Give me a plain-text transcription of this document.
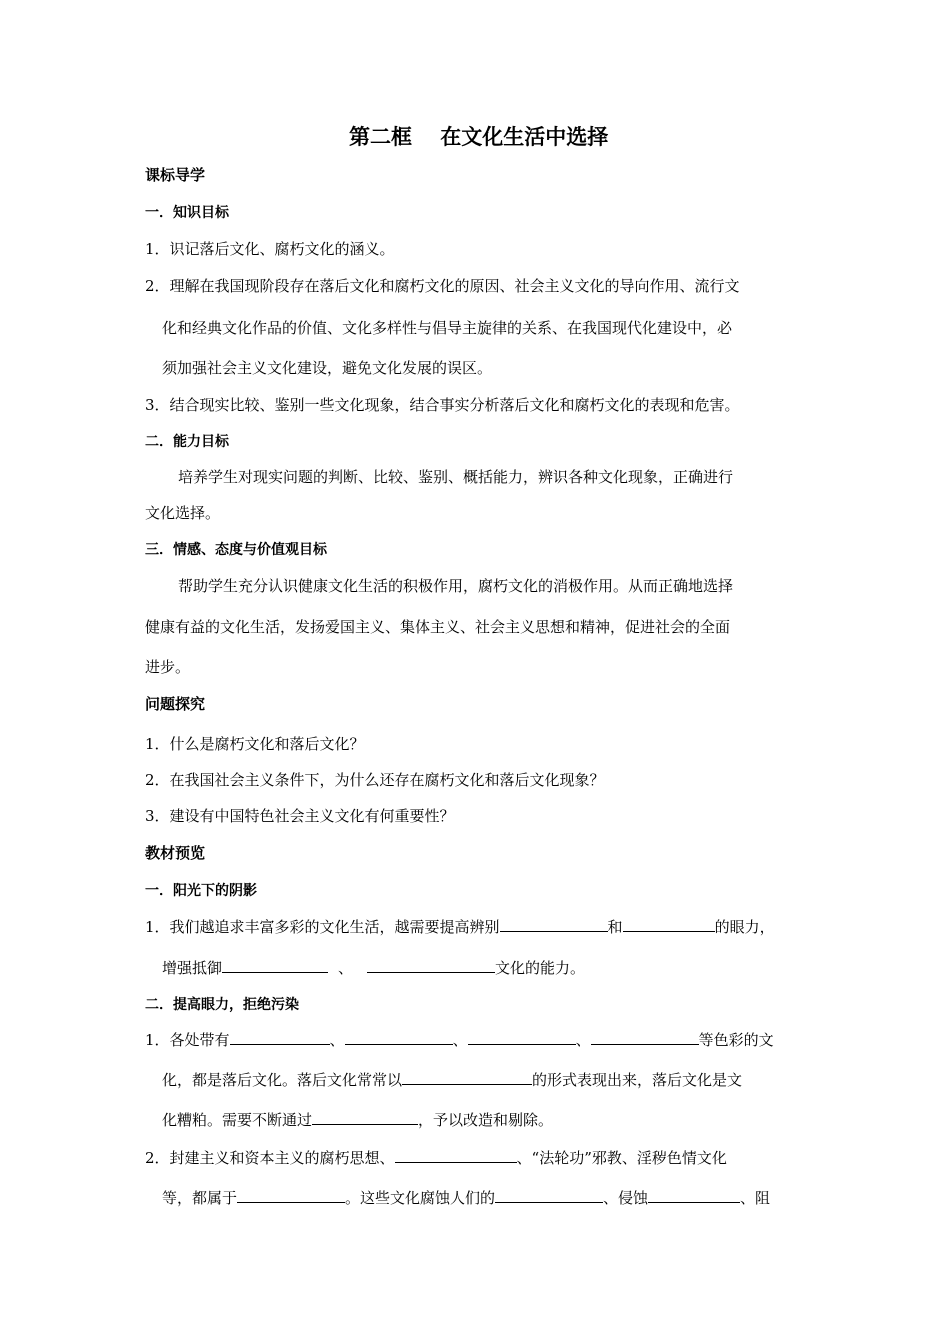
第二框　 在文化生活中选择
课标导学
一．知识目标
1．识记落后文化、腐朽文化的涵义。
2．理解在我国现阶段存在落后文化和腐朽文化的原因、社会主义文化的导向作用、流行文
化和经典文化作品的价值、文化多样性与倡导主旋律的关系、在我国现代化建设中，必
须加强社会主义文化建设，避免文化发展的误区。
3．结合现实比较、鉴别一些文化现象，结合事实分析落后文化和腐朽文化的表现和危害。
二．能力目标
培养学生对现实问题的判断、比较、鉴别、概括能力，辨识各种文化现象，正确进行
文化选择。
三．情感、态度与价值观目标
帮助学生充分认识健康文化生活的积极作用，腐朽文化的消极作用。从而正确地选择
健康有益的文化生活，发扬爱国主义、集体主义、社会主义思想和精神，促进社会的全面
进步。
问题探究
1．什么是腐朽文化和落后文化？
2．在我国社会主义条件下，为什么还存在腐朽文化和落后文化现象？
3．建设有中国特色社会主义文化有何重要性？
教材预览
一．阳光下的阴影
1．我们越追求丰富多彩的文化生活，越需要提高辨别	和	的眼力，
增强抵御	、	文化的能力。
二．提高眼力，拒绝污染
1．各处带有	、	、	、	等色彩的文
化，都是落后文化。落后文化常常以	的形式表现出来，落后文化是文
化糟粕。需要不断通过	，予以改造和剔除。
2．封建主义和资本主义的腐朽思想、	、“法轮功”邪教、淫秽色情文化
等，都属于	。这些文化腐蚀人们的	、侵蚀	、阻
